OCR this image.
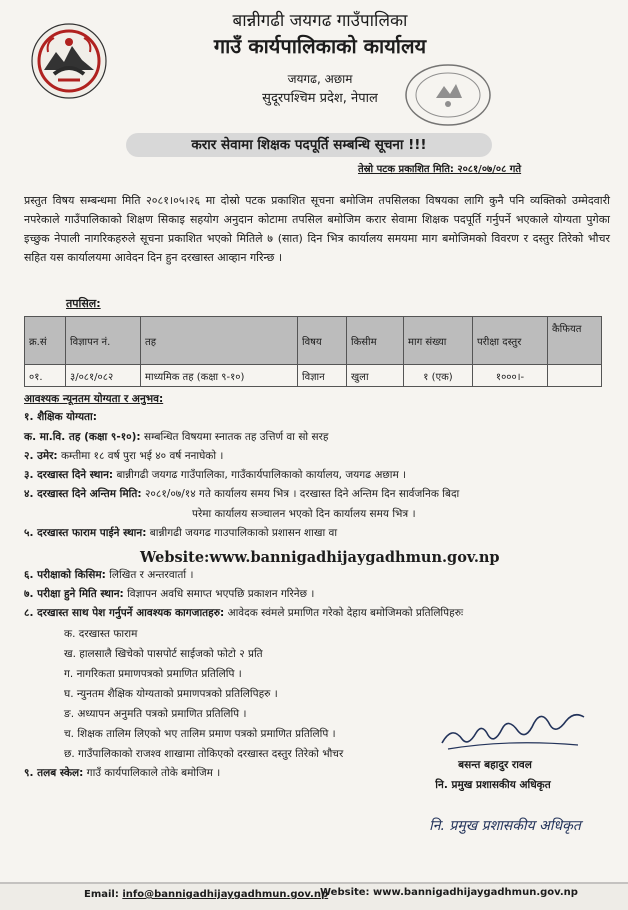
बान्नीगढी जयगढ गाउँपालिका
गाउँ कार्यपालिकाको कार्यालय
जयगढ, अछाम
सुदूरपश्चिम प्रदेश, नेपाल
करार सेवामा शिक्षक पदपूर्ति सम्बन्धि सूचना !!!
तेस्रो पटक प्रकाशित मिति: २०८१/०७/०८ गते
प्रस्तुत विषय सम्बन्धमा मिति २०८१।०५।२६ मा दोस्रो पटक प्रकाशित सूचना बमोजिम तपसिलका विषयका लागि कुनै पनि व्यक्तिको उम्मेदवारी नपरेकाले गाउँपालिकाको शिक्षण सिकाइ सहयोग अनुदान कोटामा तपसिल बमोजिम करार सेवामा शिक्षक पदपूर्ति गर्नुपर्ने भएकाले योग्यता पुगेका इच्छुक नेपाली नागरिकहरुले सूचना प्रकाशित भएको मितिले ७ (सात) दिन भित्र कार्यालय समयमा माग बमोजिमको विवरण र दस्तुर तिरेको भौचर सहित यस कार्यालयमा आवेदन दिन हुन दरखास्त आव्हान गरिन्छ ।
तपसिल:
क्र.सं	विज्ञापन नं.	तह	विषय	किसीम	माग संख्या	परीक्षा दस्तुर	कैफियत
०१.	३/०८१/०८२	माध्यमिक तह (कक्षा ९-१०)	विज्ञान	खुला	१ (एक)	१०००।-	
आवश्यक न्यूनतम योग्यता र अनुभव:
१. शैक्षिक योग्यता:
क. मा.वि. तह (कक्षा ९-१०): सम्बन्धित विषयमा स्नातक तह उत्तिर्ण वा सो सरह
२. उमेर: कम्तीमा १८ वर्ष पुरा भई ४० वर्ष ननाघेको ।
३. दरखास्त दिने स्थान: बान्नीगढी जयगढ गाउँपालिका, गाउँकार्यपालिकाको कार्यालय, जयगढ अछाम ।
४. दरखास्त दिने अन्तिम मिति: २०८१/०७/१४ गते कार्यालय समय भित्र । दरखास्त दिने अन्तिम दिन सार्वजनिक बिदा
परेमा कार्यालय सञ्चालन भएको दिन कार्यालय समय भित्र ।
५. दरखास्त फाराम पाईने स्थान: बान्नीगढी जयगढ गाउपालिकाको प्रशासन शाखा वा
Website:www.bannigadhijaygadhmun.gov.np
६. परीक्षाको किसिम: लिखित र अन्तरवार्ता ।
७. परीक्षा हुने मिति स्थान: विज्ञापन अवधि समाप्त भएपछि प्रकाशन गरिनेछ ।
८. दरखास्त साथ पेश गर्नुपर्ने आवश्यक कागजातहरु: आवेदक स्वंमले प्रमाणित गरेको देहाय बमोजिमको प्रतिलिपिहरुः
क. दरखास्त फाराम
ख. हालसालै खिचेको पासपोर्ट साईजको फोटो २ प्रति
ग. नागरिकता प्रमाणपत्रको प्रमाणित प्रतिलिपि ।
घ. न्युनतम शैक्षिक योग्यताको प्रमाणपत्रको प्रतिलिपिहरु ।
ङ. अध्यापन अनुमति पत्रको प्रमाणित प्रतिलिपि ।
च. शिक्षक तालिम लिएको भए तालिम प्रमाण पत्रको प्रमाणित प्रतिलिपि ।
छ. गाउँपालिकाको राजश्व शाखामा तोकिएको दरखास्त दस्तुर तिरेको भौचर
९. तलब स्केल: गाउँ कार्यपालिकाले तोके बमोजिम ।
बसन्त बहादुर रावल
नि. प्रमुख प्रशासकीय अधिकृत
नि. प्रमुख प्रशासकीय अधिकृत
Email: info@bannigadhijaygadhmun.gov.np
Website: www.bannigadhijaygadhmun.gov.np
